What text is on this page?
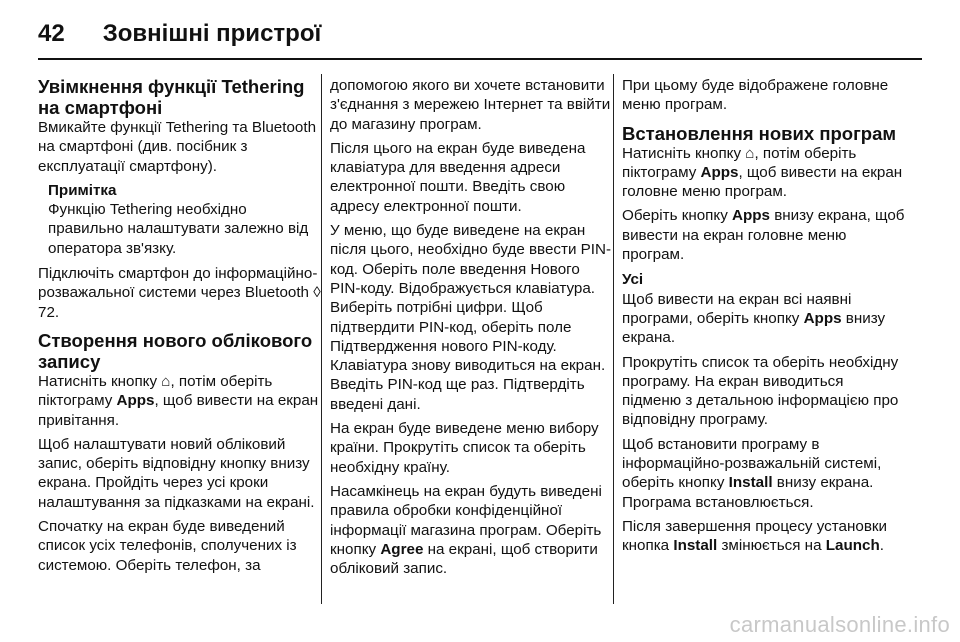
42 Зовнішні пристрої
Увімкнення функції Tethering на смартфоні

Вмикайте функції Tethering та Bluetooth на смартфоні (див. посібник з експлуатації смартфону).

Примітка
Функцію Tethering необхідно правильно налаштувати залежно від оператора зв'язку.

Підключіть смартфон до інформаційно-розважальної системи через Bluetooth ◊ 72.

Створення нового облікового запису

Натисніть кнопку ⌂, потім оберіть піктограму Apps, щоб вивести на екран привітання.

Щоб налаштувати новий обліковий запис, оберіть відповідну кнопку внизу екрана. Пройдіть через усі кроки налаштування за підказками на екрані.

Спочатку на екран буде виведений список усіх телефонів, сполучених із системою. Оберіть телефон, за

допомогою якого ви хочете встановити з'єднання з мережею Інтернет та ввійти до магазину програм.

Після цього на екран буде виведена клавіатура для введення адреси електронної пошти. Введіть свою адресу електронної пошти.

У меню, що буде виведене на екран після цього, необхідно буде ввести PIN-код. Оберіть поле введення Нового PIN-коду. Відображується клавіатура. Виберіть потрібні цифри. Щоб підтвердити PIN-код, оберіть поле Підтвердження нового PIN-коду. Клавіатура знову виводиться на екран. Введіть PIN-код ще раз. Підтвердіть введені дані.

На екран буде виведене меню вибору країни. Прокрутіть список та оберіть необхідну країну.

Насамкінець на екран будуть виведені правила обробки конфіденційної інформації магазина програм. Оберіть кнопку Agree на екрані, щоб створити обліковий запис.

При цьому буде відображене головне меню програм.

Встановлення нових програм

Натисніть кнопку ⌂, потім оберіть піктограму Apps, щоб вивести на екран головне меню програм.

Оберіть кнопку Apps внизу екрана, щоб вивести на екран головне меню програм.

Усі

Щоб вивести на екран всі наявні програми, оберіть кнопку Apps внизу екрана.

Прокрутіть список та оберіть необхідну програму. На екран виводиться підменю з детальною інформацією про відповідну програму.

Щоб встановити програму в інформаційно-розважальній системі, оберіть кнопку Install внизу екрана. Програма встановлюється.

Після завершення процесу установки кнопка Install змінюється на Launch.

carmanualsonline.info
